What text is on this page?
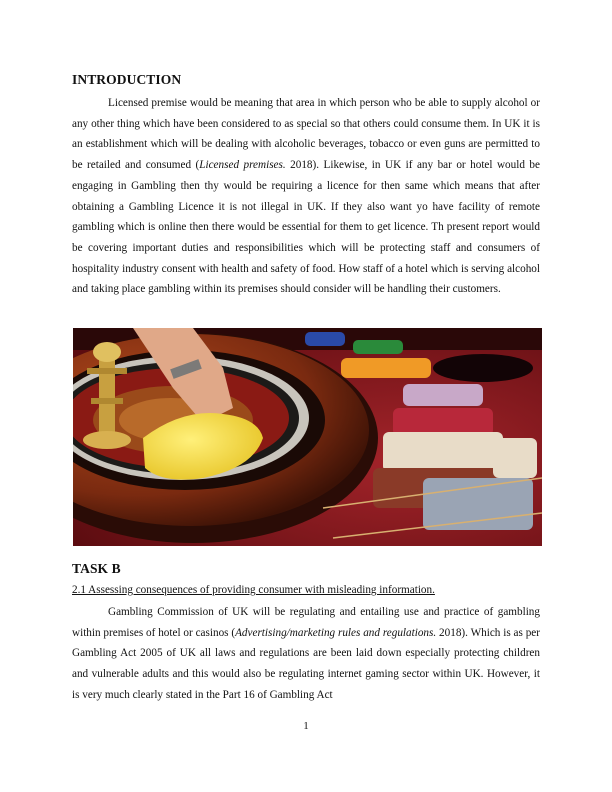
INTRODUCTION

Licensed premise would be meaning that area in which person who be able to supply alcohol or any other thing which have been considered to as special so that others could consume them. In UK it is an establishment which will be dealing with alcoholic beverages, tobacco or even guns are permitted to be retailed and consumed (Licensed premises. 2018). Likewise, in UK if any bar or hotel would be engaging in Gambling then thy would be requiring a licence for then same which means that after obtaining a Gambling Licence it is not illegal in UK. If they also want yo have facility of remote gambling which is online then there would be essential for them to get licence. Th present report would be covering important duties and responsibilities which will be protecting staff and consumers of hospitality industry consent with health and safety of food. How staff of a hotel which is serving alcohol and taking place gambling within its premises should consider will be handling their customers.

TASK B
2.1 Assessing consequences of providing consumer with misleading information.

Gambling Commission of UK will be regulating and entailing use and practice of gambling within premises of hotel or casinos (Advertising/marketing rules and regulations. 2018). Which is as per Gambling Act 2005 of UK all laws and regulations are been laid down especially protecting children and vulnerable adults and this would also be regulating internet gaming sector within UK. However, it is very much clearly stated in the Part 16 of Gambling Act

1
